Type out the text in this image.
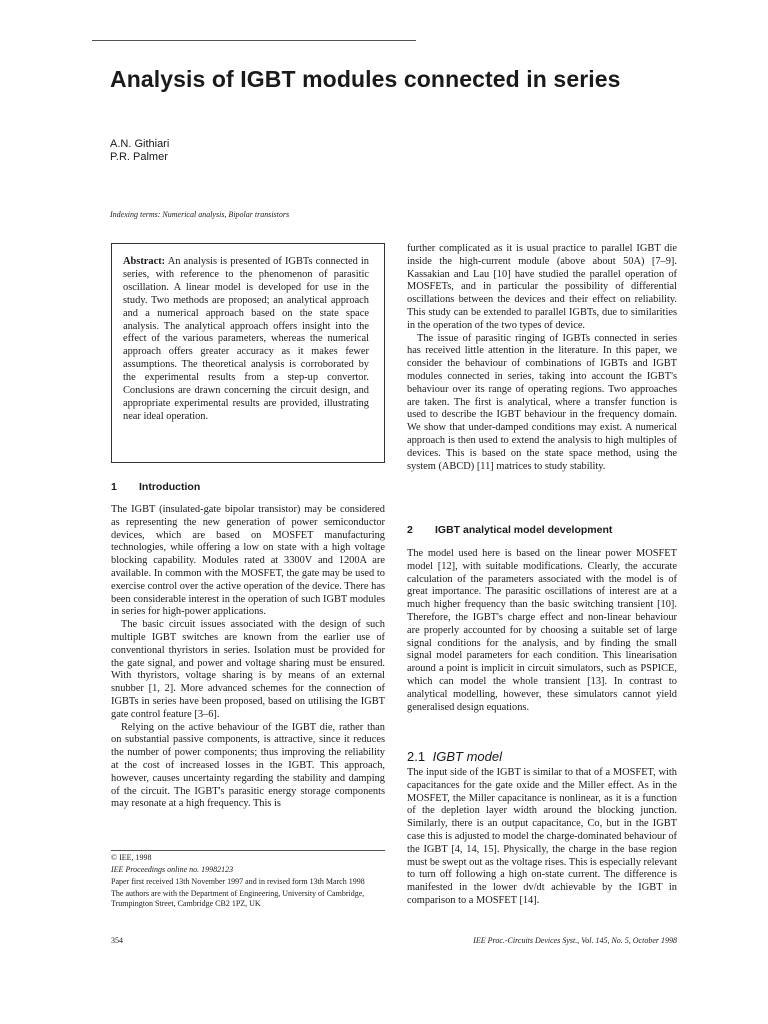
Analysis of IGBT modules connected in series
A.N. Githiari
P.R. Palmer
Indexing terms: Numerical analysis, Bipolar transistors

Abstract: An analysis is presented of IGBTs connected in series, with reference to the phenomenon of parasitic oscillation. A linear model is developed for use in the study. Two methods are proposed; an analytical approach and a numerical approach based on the state space analysis. The analytical approach offers insight into the effect of the various parameters, whereas the numerical approach offers greater accuracy as it makes fewer assumptions. The theoretical analysis is corroborated by the experimental results from a step-up convertor. Conclusions are drawn concerning the circuit design, and appropriate experimental results are provided, illustrating near ideal operation.

1 Introduction

The IGBT (insulated-gate bipolar transistor) may be considered as representing the new generation of power semiconductor devices, which are based on MOSFET manufacturing technologies, while offering a low on state with a high voltage blocking capability. Modules rated at 3300V and 1200A are available. In common with the MOSFET, the gate may be used to exercise control over the active operation of the device. There has been considerable interest in the operation of such IGBT modules in series for high-power applications.

The basic circuit issues associated with the design of such multiple IGBT switches are known from the earlier use of conventional thyristors in series. Isolation must be provided for the gate signal, and power and voltage sharing must be ensured. With thyristors, voltage sharing is by means of an external snubber [1, 2]. More advanced schemes for the connection of IGBTs in series have been proposed, based on utilising the IGBT gate control feature [3–6].

Relying on the active behaviour of the IGBT die, rather than on substantial passive components, is attractive, since it reduces the number of power components; thus improving the reliability at the cost of increased losses in the IGBT. This approach, however, causes uncertainty regarding the stability and damping of the circuit. The IGBT's parasitic energy storage components may resonate at a high frequency. This is

© IEE, 1998

IEE Proceedings online no. 19982123

Paper first received 13th November 1997 and in revised form 13th March 1998

The authors are with the Department of Engineering, University of Cambridge, Trumpington Street, Cambridge CB2 1PZ, UK

further complicated as it is usual practice to parallel IGBT die inside the high-current module (above about 50A) [7–9]. Kassakian and Lau [10] have studied the parallel operation of MOSFETs, and in particular the possibility of differential oscillations between the devices and their effect on reliability. This study can be extended to parallel IGBTs, due to similarities in the operation of the two types of device.

The issue of parasitic ringing of IGBTs connected in series has received little attention in the literature. In this paper, we consider the behaviour of combinations of IGBTs and IGBT modules connected in series, taking into account the IGBT's behaviour over its range of operating regions. Two approaches are taken. The first is analytical, where a transfer function is used to describe the IGBT behaviour in the frequency domain. We show that under-damped conditions may exist. A numerical approach is then used to extend the analysis to high multiples of devices. This is based on the state space method, using the system (ABCD) [11] matrices to study stability.

2 IGBT analytical model development

The model used here is based on the linear power MOSFET model [12], with suitable modifications. Clearly, the accurate calculation of the parameters associated with the model is of great importance. The parasitic oscillations of interest are at a much higher frequency than the basic switching transient [10]. Therefore, the IGBT's charge effect and non-linear behaviour are properly accounted for by choosing a suitable set of large signal conditions for the analysis, and by finding the small signal model parameters for each condition. This linearisation around a point is implicit in circuit simulators, such as PSPICE, which can model the whole transient [13]. In contrast to analytical modelling, however, these simulators cannot yield generalised design equations.

2.1 IGBT model

The input side of the IGBT is similar to that of a MOSFET, with capacitances for the gate oxide and the Miller effect. As in the MOSFET, the Miller capacitance is nonlinear, as it is a function of the depletion layer width around the blocking junction. Similarly, there is an output capacitance, Co, but in the IGBT case this is adjusted to model the charge-dominated behaviour of the IGBT [4, 14, 15]. Physically, the charge in the base region must be swept out as the voltage rises. This is especially relevant to turn off following a high on-state current. The difference is manifested in the lower dv/dt achievable by the IGBT in comparison to a MOSFET [14].

354	IEE Proc.-Circuits Devices Syst., Vol. 145, No. 5, October 1998
